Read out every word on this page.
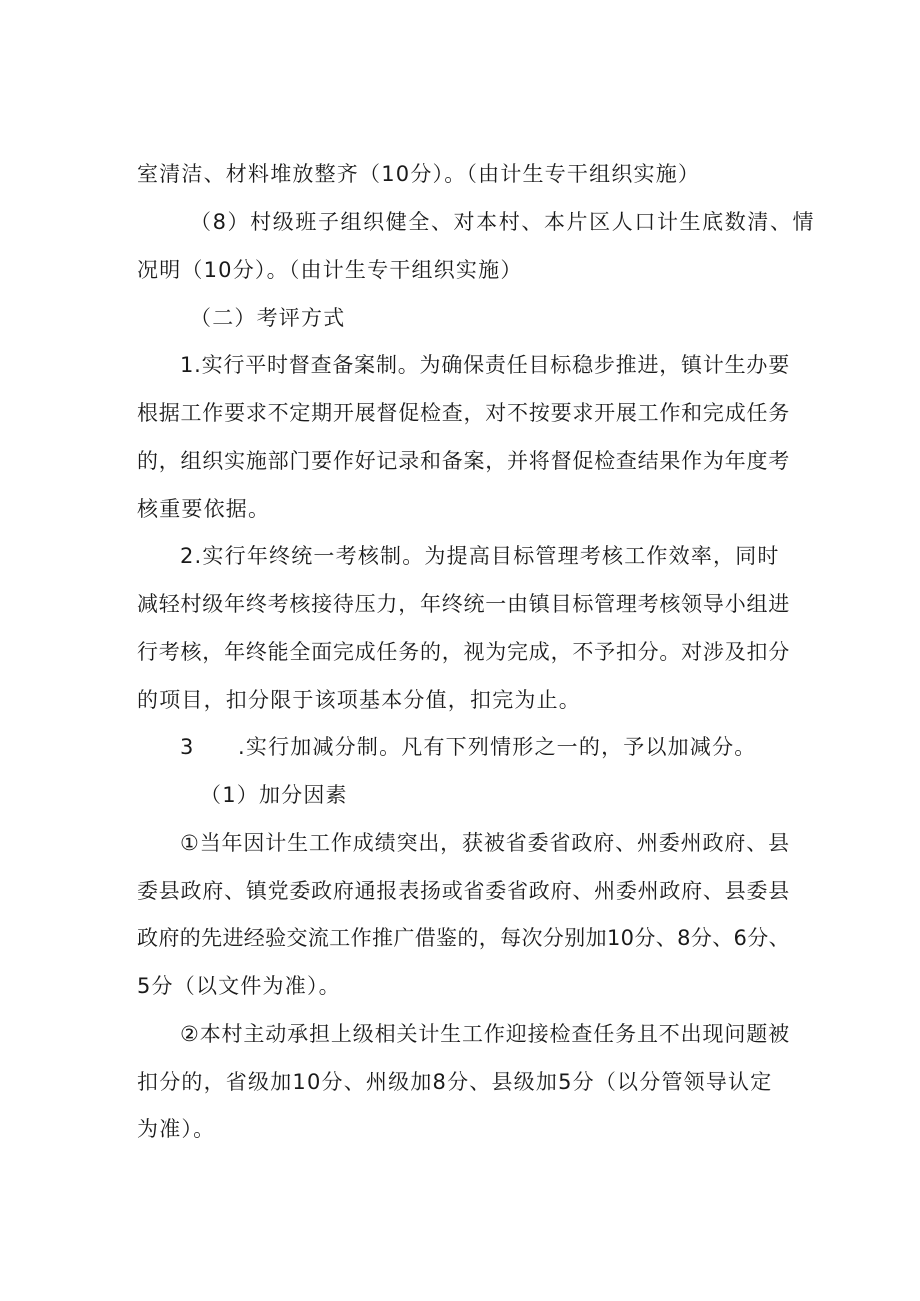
室清洁、材料堆放整齐（10分）。（由计生专干组织实施）
（8）村级班子组织健全、对本村、本片区人口计生底数清、情
况明（10分）。（由计生专干组织实施）
（二）考评方式
1.实行平时督查备案制。为确保责任目标稳步推进，镇计生办要
根据工作要求不定期开展督促检查，对不按要求开展工作和完成任务
的，组织实施部门要作好记录和备案，并将督促检查结果作为年度考
核重要依据。
2.实行年终统一考核制。为提高目标管理考核工作效率，同时
减轻村级年终考核接待压力，年终统一由镇目标管理考核领导小组进
行考核，年终能全面完成任务的，视为完成，不予扣分。对涉及扣分
的项目，扣分限于该项基本分值，扣完为止。
3 .实行加减分制。凡有下列情形之一的，予以加减分。
（1）加分因素
①当年因计生工作成绩突出，获被省委省政府、州委州政府、县
委县政府、镇党委政府通报表扬或省委省政府、州委州政府、县委县
政府的先进经验交流工作推广借鉴的，每次分别加10分、8分、6分、
5分（以文件为准）。
②本村主动承担上级相关计生工作迎接检查任务且不出现问题被
扣分的，省级加10分、州级加8分、县级加5分（以分管领导认定
为准）。
